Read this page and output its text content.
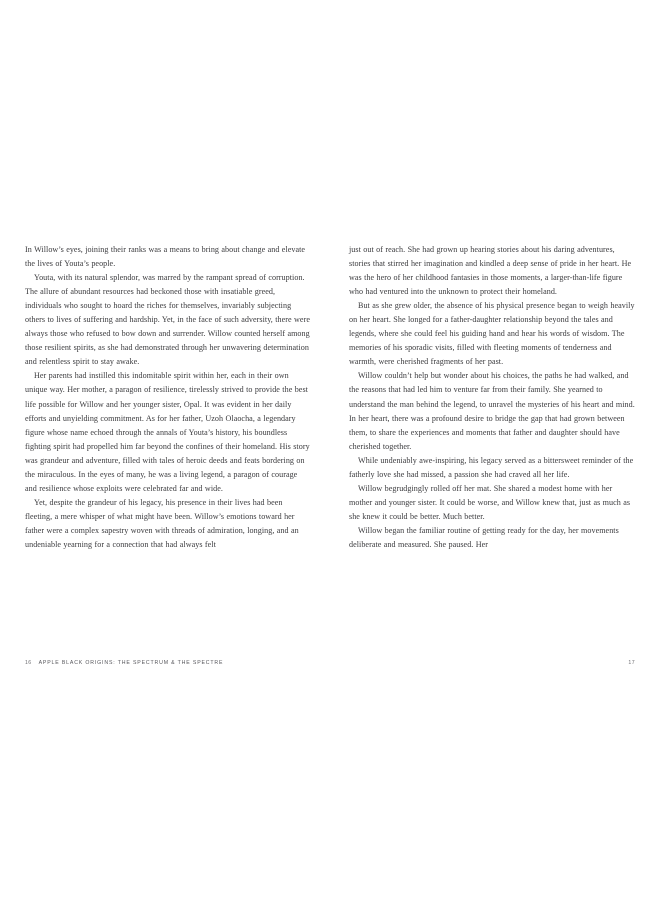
In Willow’s eyes, joining their ranks was a means to bring about change and elevate the lives of Youta’s people.

Youta, with its natural splendor, was marred by the rampant spread of corruption. The allure of abundant resources had beckoned those with insatiable greed, individuals who sought to hoard the riches for themselves, invariably subjecting others to lives of suffering and hardship. Yet, in the face of such adversity, there were always those who refused to bow down and surrender. Willow counted herself among those resilient spirits, as she had demonstrated through her unwavering determination and relentless spirit to stay awake.

Her parents had instilled this indomitable spirit within her, each in their own unique way. Her mother, a paragon of resilience, tirelessly strived to provide the best life possible for Willow and her younger sister, Opal. It was evident in her daily efforts and unyielding commitment. As for her father, Uzoh Olaocha, a legendary figure whose name echoed through the annals of Youta’s history, his boundless fighting spirit had propelled him far beyond the confines of their homeland. His story was grandeur and adventure, filled with tales of heroic deeds and feats bordering on the miraculous. In the eyes of many, he was a living legend, a paragon of courage and resilience whose exploits were celebrated far and wide.

Yet, despite the grandeur of his legacy, his presence in their lives had been fleeting, a mere whisper of what might have been. Willow’s emotions toward her father were a complex sapestry woven with threads of admiration, longing, and an undeniable yearning for a connection that had always felt

just out of reach. She had grown up hearing stories about his daring adventures, stories that stirred her imagination and kindled a deep sense of pride in her heart. He was the hero of her childhood fantasies in those moments, a larger-than-life figure who had ventured into the unknown to protect their homeland.

But as she grew older, the absence of his physical presence began to weigh heavily on her heart. She longed for a father-daughter relationship beyond the tales and legends, where she could feel his guiding hand and hear his words of wisdom. The memories of his sporadic visits, filled with fleeting moments of tenderness and warmth, were cherished fragments of her past.

Willow couldn’t help but wonder about his choices, the paths he had walked, and the reasons that had led him to venture far from their family. She yearned to understand the man behind the legend, to unravel the mysteries of his heart and mind. In her heart, there was a profound desire to bridge the gap that had grown between them, to share the experiences and moments that father and daughter should have cherished together.

While undeniably awe-inspiring, his legacy served as a bittersweet reminder of the fatherly love she had missed, a passion she had craved all her life.

Willow begrudgingly rolled off her mat. She shared a modest home with her mother and younger sister. It could be worse, and Willow knew that, just as much as she knew it could be better. Much better.

Willow began the familiar routine of getting ready for the day, her movements deliberate and measured. She paused. Her

16 APPLE BLACK ORIGINS: THE SPECTRUM & THE SPECTRE	17
